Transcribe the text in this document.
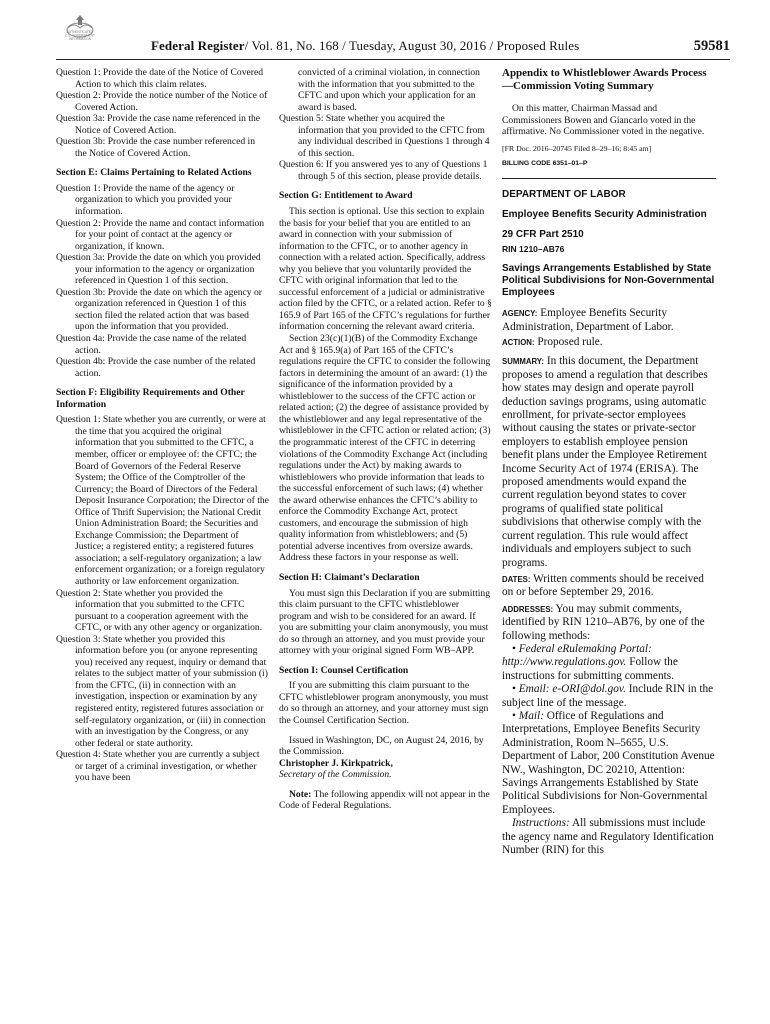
AUTHENTICATED
U.S. GOVERNMENT
INFORMATION	Federal Register/ Vol. 81, No. 168 / Tuesday, August 30, 2016 / Proposed Rules	59581

Question 1: Provide the date of the Notice of Covered Action to which this claim relates.

Question 2: Provide the notice number of the Notice of Covered Action.

Question 3a: Provide the case name referenced in the Notice of Covered Action.

Question 3b: Provide the case number referenced in the Notice of Covered Action.

Section E: Claims Pertaining to Related Actions

Question 1: Provide the name of the agency or organization to which you provided your information.

Question 2: Provide the name and contact information for your point of contact at the agency or organization, if known.

Question 3a: Provide the date on which you provided your information to the agency or organization referenced in Question 1 of this section.

Question 3b: Provide the date on which the agency or organization referenced in Question 1 of this section filed the related action that was based upon the information that you provided.

Question 4a: Provide the case name of the related action.

Question 4b: Provide the case number of the related action.

Section F: Eligibility Requirements and Other Information

Question 1: State whether you are currently, or were at the time that you acquired the original information that you submitted to the CFTC, a member, officer or employee of: the CFTC; the Board of Governors of the Federal Reserve System; the Office of the Comptroller of the Currency; the Board of Directors of the Federal Deposit Insurance Corporation; the Director of the Office of Thrift Supervision; the National Credit Union Administration Board; the Securities and Exchange Commission; the Department of Justice; a registered entity; a registered futures association; a self-regulatory organization; a law enforcement organization; or a foreign regulatory authority or law enforcement organization.

Question 2: State whether you provided the information that you submitted to the CFTC pursuant to a cooperation agreement with the CFTC, or with any other agency or organization.

Question 3: State whether you provided this information before you (or anyone representing you) received any request, inquiry or demand that relates to the subject matter of your submission (i) from the CFTC, (ii) in connection with an investigation, inspection or examination by any registered entity, registered futures association or self-regulatory organization, or (iii) in connection with an investigation by the Congress, or any other federal or state authority.

Question 4: State whether you are currently a subject or target of a criminal investigation, or whether you have been

convicted of a criminal violation, in connection with the information that you submitted to the CFTC and upon which your application for an award is based.

Question 5: State whether you acquired the information that you provided to the CFTC from any individual described in Questions 1 through 4 of this section.

Question 6: If you answered yes to any of Questions 1 through 5 of this section, please provide details.

Section G: Entitlement to Award

This section is optional. Use this section to explain the basis for your belief that you are entitled to an award in connection with your submission of information to the CFTC, or to another agency in connection with a related action. Specifically, address why you believe that you voluntarily provided the CFTC with original information that led to the successful enforcement of a judicial or administrative action filed by the CFTC, or a related action. Refer to § 165.9 of Part 165 of the CFTC’s regulations for further information concerning the relevant award criteria.

Section 23(c)(1)(B) of the Commodity Exchange Act and § 165.9(a) of Part 165 of the CFTC’s regulations require the CFTC to consider the following factors in determining the amount of an award: (1) the significance of the information provided by a whistleblower to the success of the CFTC action or related action; (2) the degree of assistance provided by the whistleblower and any legal representative of the whistleblower in the CFTC action or related action; (3) the programmatic interest of the CFTC in deterring violations of the Commodity Exchange Act (including regulations under the Act) by making awards to whistleblowers who provide information that leads to the successful enforcement of such laws; (4) whether the award otherwise enhances the CFTC’s ability to enforce the Commodity Exchange Act, protect customers, and encourage the submission of high quality information from whistleblowers; and (5) potential adverse incentives from oversize awards. Address these factors in your response as well.

Section H: Claimant’s Declaration

You must sign this Declaration if you are submitting this claim pursuant to the CFTC whistleblower program and wish to be considered for an award. If you are submitting your claim anonymously, you must do so through an attorney, and you must provide your attorney with your original signed Form WB–APP.

Section I: Counsel Certification

If you are submitting this claim pursuant to the CFTC whistleblower program anonymously, you must do so through an attorney, and your attorney must sign the Counsel Certification Section.

Issued in Washington, DC, on August 24, 2016, by the Commission.

Christopher J. Kirkpatrick,

Secretary of the Commission.

Note: The following appendix will not appear in the Code of Federal Regulations.

Appendix to Whistleblower Awards Process—Commission Voting Summary

On this matter, Chairman Massad and Commissioners Bowen and Giancarlo voted in the affirmative. No Commissioner voted in the negative.

[FR Doc. 2016–20745 Filed 8–29–16; 8:45 am]

BILLING CODE 6351–01–P

DEPARTMENT OF LABOR

Employee Benefits Security Administration

29 CFR Part 2510

RIN 1210–AB76

Savings Arrangements Established by State Political Subdivisions for Non-Governmental Employees

AGENCY: Employee Benefits Security Administration, Department of Labor.

ACTION: Proposed rule.

SUMMARY: In this document, the Department proposes to amend a regulation that describes how states may design and operate payroll deduction savings programs, using automatic enrollment, for private-sector employees without causing the states or private-sector employers to establish employee pension benefit plans under the Employee Retirement Income Security Act of 1974 (ERISA). The proposed amendments would expand the current regulation beyond states to cover programs of qualified state political subdivisions that otherwise comply with the current regulation. This rule would affect individuals and employers subject to such programs.

DATES: Written comments should be received on or before September 29, 2016.

ADDRESSES: You may submit comments, identified by RIN 1210–AB76, by one of the following methods:

• Federal eRulemaking Portal: http://www.regulations.gov. Follow the instructions for submitting comments.

• Email: e-ORI@dol.gov. Include RIN in the subject line of the message.

• Mail: Office of Regulations and Interpretations, Employee Benefits Security Administration, Room N–5655, U.S. Department of Labor, 200 Constitution Avenue NW., Washington, DC 20210, Attention: Savings Arrangements Established by State Political Subdivisions for Non-Governmental Employees.

Instructions: All submissions must include the agency name and Regulatory Identification Number (RIN) for this
